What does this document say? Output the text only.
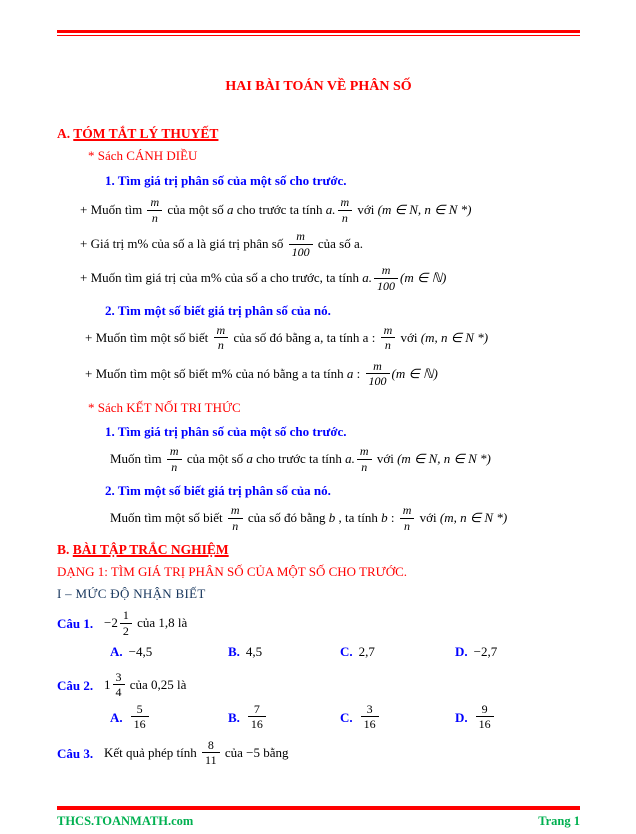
HAI BÀI TOÁN VỀ PHÂN SỐ
A. TÓM TẮT LÝ THUYẾT
* Sách CÁNH DIỀU
1. Tìm giá trị phân số của một số cho trước.
+ Muốn tìm $\frac{m}{n}$ của một số a cho trước ta tính a. $\frac{m}{n}$ với (m ∈ N, n ∈ N *)
+ Giá trị m% của số a là giá trị phân số $\frac{m}{100}$ của số a.
+ Muốn tìm giá trị của m% của số a cho trước, ta tính a. $\frac{m}{100} (m$ ∈ ℕ)
2. Tìm một số biết giá trị phân số của nó.
+ Muốn tìm một số biết $\frac{m}{n}$ của số đó bằng a, ta tính a : $\frac{m}{n}$ với (m, n ∈ N *)
+ Muốn tìm một số biết m% của nó bằng a ta tính a : $\frac{m}{100} (m$ ∈ ℕ)
* Sách KẾT NỐI TRI THỨC
1. Tìm giá trị phân số của một số cho trước.
Muốn tìm $\frac{m}{n}$ của một số a cho trước ta tính a. $\frac{m}{n}$ với (m ∈ N, n ∈ N *)
2. Tìm một số biết giá trị phân số của nó.
Muốn tìm một số biết $\frac{m}{n}$ của số đó bằng b , ta tính b : $\frac{m}{n}$ với (m, n ∈ N *)
B. BÀI TẬP TRẮC NGHIỆM
DẠNG 1: TÌM GIÁ TRỊ PHÂN SỐ CỦA MỘT SỐ CHO TRƯỚC.
I – MỨC ĐỘ NHẬN BIẾT
Câu 1. $-2 \frac{1}{2}$ của 1,8 là
A. −4,5	B. 4,5	C. 2,7	D. −2,7
Câu 2. $1 \frac{3}{4}$ của 0,25 là
A. $\frac{5}{16}$	B. $\frac{7}{16}$	C. $\frac{3}{16}$	D. $\frac{9}{16}$
Câu 3. Kết quả phép tính $\frac{8}{11}$ của −5 bằng
THCS.TOANMATH.com	Trang 1
